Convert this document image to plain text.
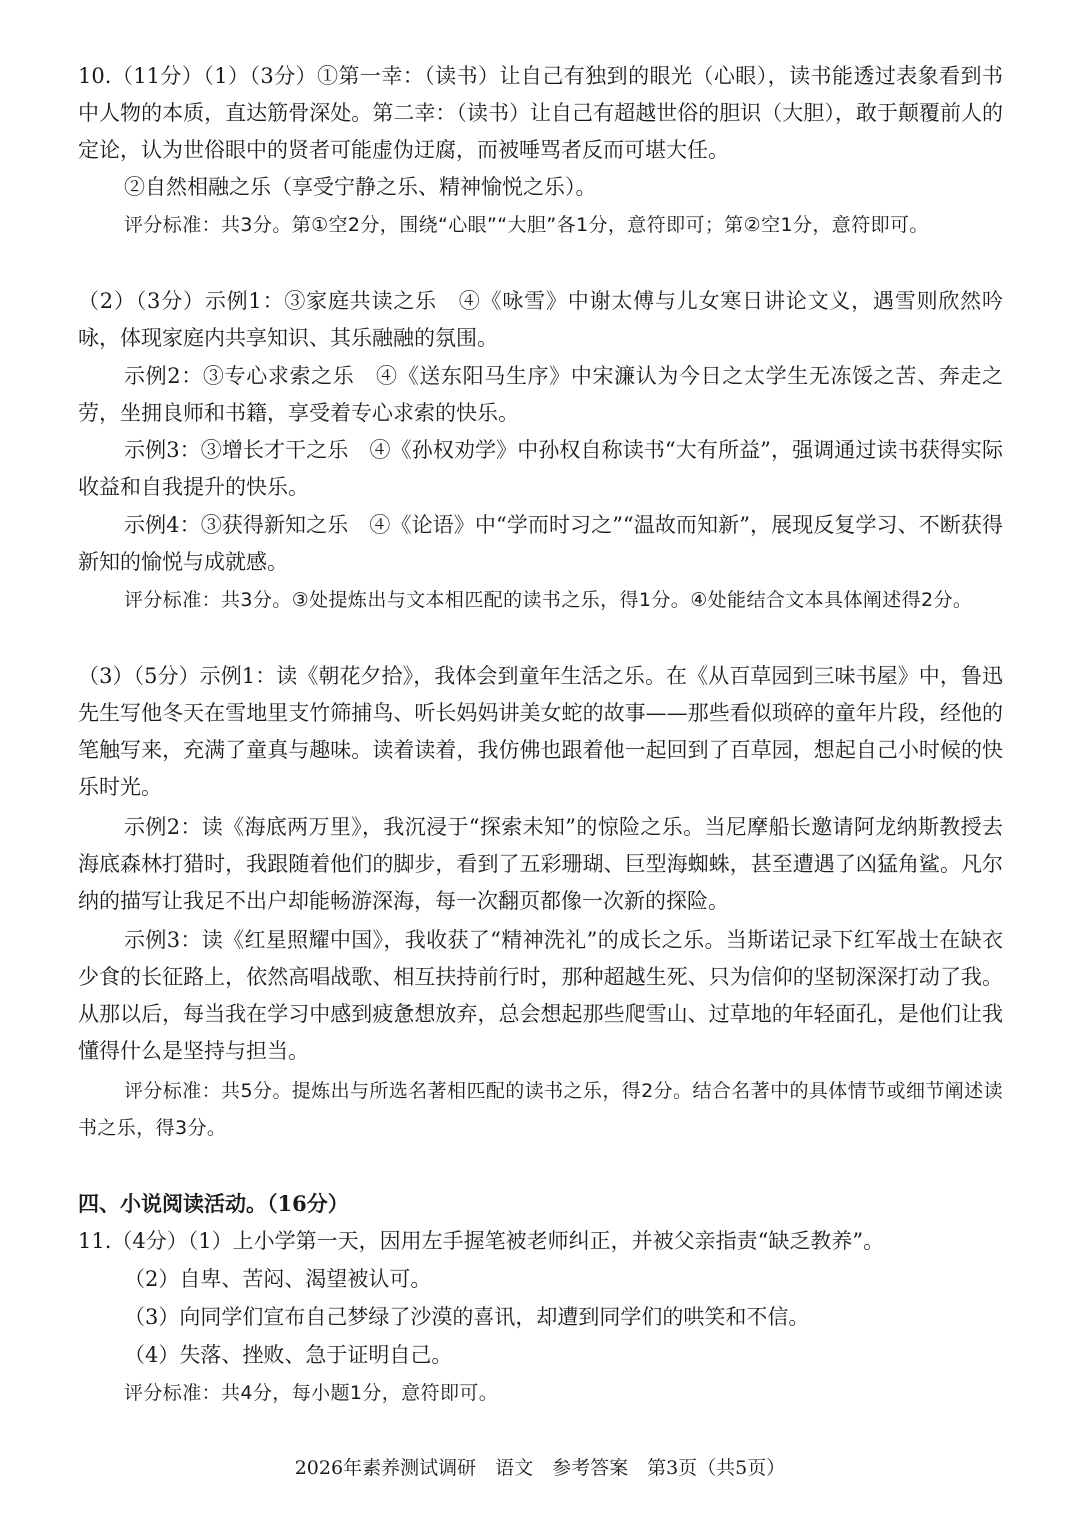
10.（11分）（1）（3分）①第一幸：（读书）让自己有独到的眼光（心眼），读书能透过表象看到书中人物的本质，直达筋骨深处。第二幸：（读书）让自己有超越世俗的胆识（大胆），敢于颠覆前人的定论，认为世俗眼中的贤者可能虚伪迂腐，而被唾骂者反而可堪大任。

②自然相融之乐（享受宁静之乐、精神愉悦之乐）。

评分标准：共3分。第①空2分，围绕“心眼”“大胆”各1分，意符即可；第②空1分，意符即可。

（2）（3分）示例1：③家庭共读之乐　④《咏雪》中谢太傅与儿女寒日讲论文义，遇雪则欣然吟咏，体现家庭内共享知识、其乐融融的氛围。

示例2：③专心求索之乐　④《送东阳马生序》中宋濂认为今日之太学生无冻馁之苦、奔走之劳，坐拥良师和书籍，享受着专心求索的快乐。

示例3：③增长才干之乐　④《孙权劝学》中孙权自称读书“大有所益”，强调通过读书获得实际收益和自我提升的快乐。

示例4：③获得新知之乐　④《论语》中“学而时习之”“温故而知新”，展现反复学习、不断获得新知的愉悦与成就感。

评分标准：共3分。③处提炼出与文本相匹配的读书之乐，得1分。④处能结合文本具体阐述得2分。

（3）（5分）示例1：读《朝花夕拾》，我体会到童年生活之乐。在《从百草园到三味书屋》中，鲁迅先生写他冬天在雪地里支竹筛捕鸟、听长妈妈讲美女蛇的故事——那些看似琐碎的童年片段，经他的笔触写来，充满了童真与趣味。读着读着，我仿佛也跟着他一起回到了百草园，想起自己小时候的快乐时光。

示例2：读《海底两万里》，我沉浸于“探索未知”的惊险之乐。当尼摩船长邀请阿龙纳斯教授去海底森林打猎时，我跟随着他们的脚步，看到了五彩珊瑚、巨型海蜘蛛，甚至遭遇了凶猛角鲨。凡尔纳的描写让我足不出户却能畅游深海，每一次翻页都像一次新的探险。

示例3：读《红星照耀中国》，我收获了“精神洗礼”的成长之乐。当斯诺记录下红军战士在缺衣少食的长征路上，依然高唱战歌、相互扶持前行时，那种超越生死、只为信仰的坚韧深深打动了我。从那以后，每当我在学习中感到疲惫想放弃，总会想起那些爬雪山、过草地的年轻面孔，是他们让我懂得什么是坚持与担当。

评分标准：共5分。提炼出与所选名著相匹配的读书之乐，得2分。结合名著中的具体情节或细节阐述读书之乐，得3分。

四、小说阅读活动。（16分）

11.（4分）（1）上小学第一天，因用左手握笔被老师纠正，并被父亲指责“缺乏教养”。

（2）自卑、苦闷、渴望被认可。

（3）向同学们宣布自己梦绿了沙漠的喜讯，却遭到同学们的哄笑和不信。

（4）失落、挫败、急于证明自己。

评分标准：共4分，每小题1分，意符即可。

2026年素养测试调研　语文　参考答案　第3页（共5页）
